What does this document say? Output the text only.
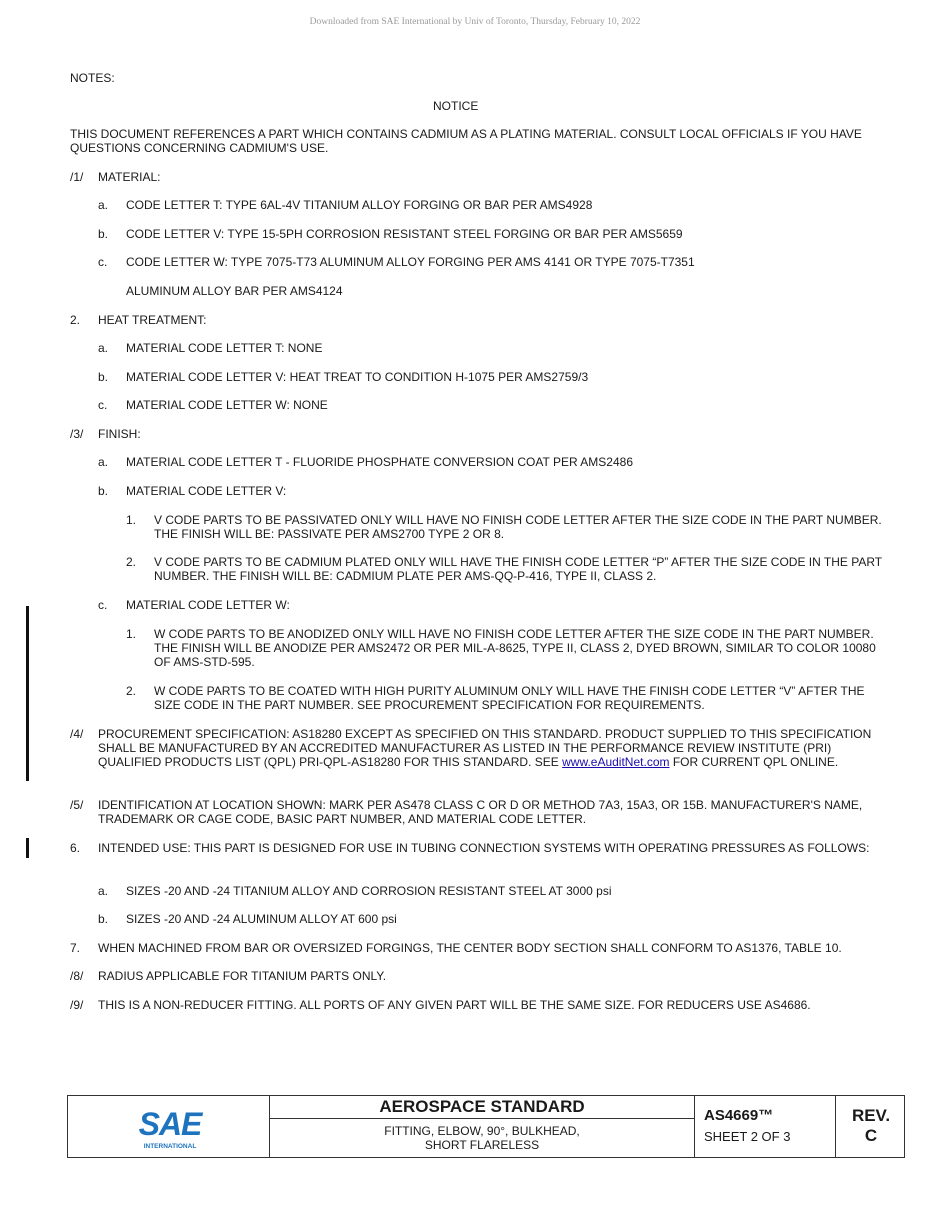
Downloaded from SAE International by Univ of Toronto, Thursday, February 10, 2022
NOTES:
NOTICE
THIS DOCUMENT REFERENCES A PART WHICH CONTAINS CADMIUM AS A PLATING MATERIAL. CONSULT LOCAL OFFICIALS IF YOU HAVE QUESTIONS CONCERNING CADMIUM'S USE.
/1/ MATERIAL:
a. CODE LETTER T: TYPE 6AL-4V TITANIUM ALLOY FORGING OR BAR PER AMS4928
b. CODE LETTER V: TYPE 15-5PH CORROSION RESISTANT STEEL FORGING OR BAR PER AMS5659
c. CODE LETTER W: TYPE 7075-T73 ALUMINUM ALLOY FORGING PER AMS 4141 OR TYPE 7075-T7351
ALUMINUM ALLOY BAR PER AMS4124
2. HEAT TREATMENT:
a. MATERIAL CODE LETTER T: NONE
b. MATERIAL CODE LETTER V: HEAT TREAT TO CONDITION H-1075 PER AMS2759/3
c. MATERIAL CODE LETTER W: NONE
/3/ FINISH:
a. MATERIAL CODE LETTER T - FLUORIDE PHOSPHATE CONVERSION COAT PER AMS2486
b. MATERIAL CODE LETTER V:
1. V CODE PARTS TO BE PASSIVATED ONLY WILL HAVE NO FINISH CODE LETTER AFTER THE SIZE CODE IN THE PART NUMBER. THE FINISH WILL BE: PASSIVATE PER AMS2700 TYPE 2 OR 8.
2. V CODE PARTS TO BE CADMIUM PLATED ONLY WILL HAVE THE FINISH CODE LETTER “P” AFTER THE SIZE CODE IN THE PART NUMBER. THE FINISH WILL BE: CADMIUM PLATE PER AMS-QQ-P-416, TYPE II, CLASS 2.
c. MATERIAL CODE LETTER W:
1. W CODE PARTS TO BE ANODIZED ONLY WILL HAVE NO FINISH CODE LETTER AFTER THE SIZE CODE IN THE PART NUMBER. THE FINISH WILL BE ANODIZE PER AMS2472 OR PER MIL-A-8625, TYPE II, CLASS 2, DYED BROWN, SIMILAR TO COLOR 10080 OF AMS-STD-595.
2. W CODE PARTS TO BE COATED WITH HIGH PURITY ALUMINUM ONLY WILL HAVE THE FINISH CODE LETTER “V” AFTER THE SIZE CODE IN THE PART NUMBER. SEE PROCUREMENT SPECIFICATION FOR REQUIREMENTS.
/4/ PROCUREMENT SPECIFICATION: AS18280 EXCEPT AS SPECIFIED ON THIS STANDARD. PRODUCT SUPPLIED TO THIS SPECIFICATION SHALL BE MANUFACTURED BY AN ACCREDITED MANUFACTURER AS LISTED IN THE PERFORMANCE REVIEW INSTITUTE (PRI) QUALIFIED PRODUCTS LIST (QPL) PRI-QPL-AS18280 FOR THIS STANDARD. SEE www.eAuditNet.com FOR CURRENT QPL ONLINE.
/5/ IDENTIFICATION AT LOCATION SHOWN: MARK PER AS478 CLASS C OR D OR METHOD 7A3, 15A3, OR 15B. MANUFACTURER'S NAME, TRADEMARK OR CAGE CODE, BASIC PART NUMBER, AND MATERIAL CODE LETTER.
6. INTENDED USE: THIS PART IS DESIGNED FOR USE IN TUBING CONNECTION SYSTEMS WITH OPERATING PRESSURES AS FOLLOWS:
a. SIZES -20 AND -24 TITANIUM ALLOY AND CORROSION RESISTANT STEEL AT 3000 psi
b. SIZES -20 AND -24 ALUMINUM ALLOY AT 600 psi
7. WHEN MACHINED FROM BAR OR OVERSIZED FORGINGS, THE CENTER BODY SECTION SHALL CONFORM TO AS1376, TABLE 10.
/8/ RADIUS APPLICABLE FOR TITANIUM PARTS ONLY.
/9/ THIS IS A NON-REDUCER FITTING. ALL PORTS OF ANY GIVEN PART WILL BE THE SAME SIZE. FOR REDUCERS USE AS4686.
SAE
INTERNATIONAL
AEROSPACE STANDARD
FITTING, ELBOW, 90°, BULKHEAD,
SHORT FLARELESS
AS4669™
SHEET 2 OF 3
REV.
C
